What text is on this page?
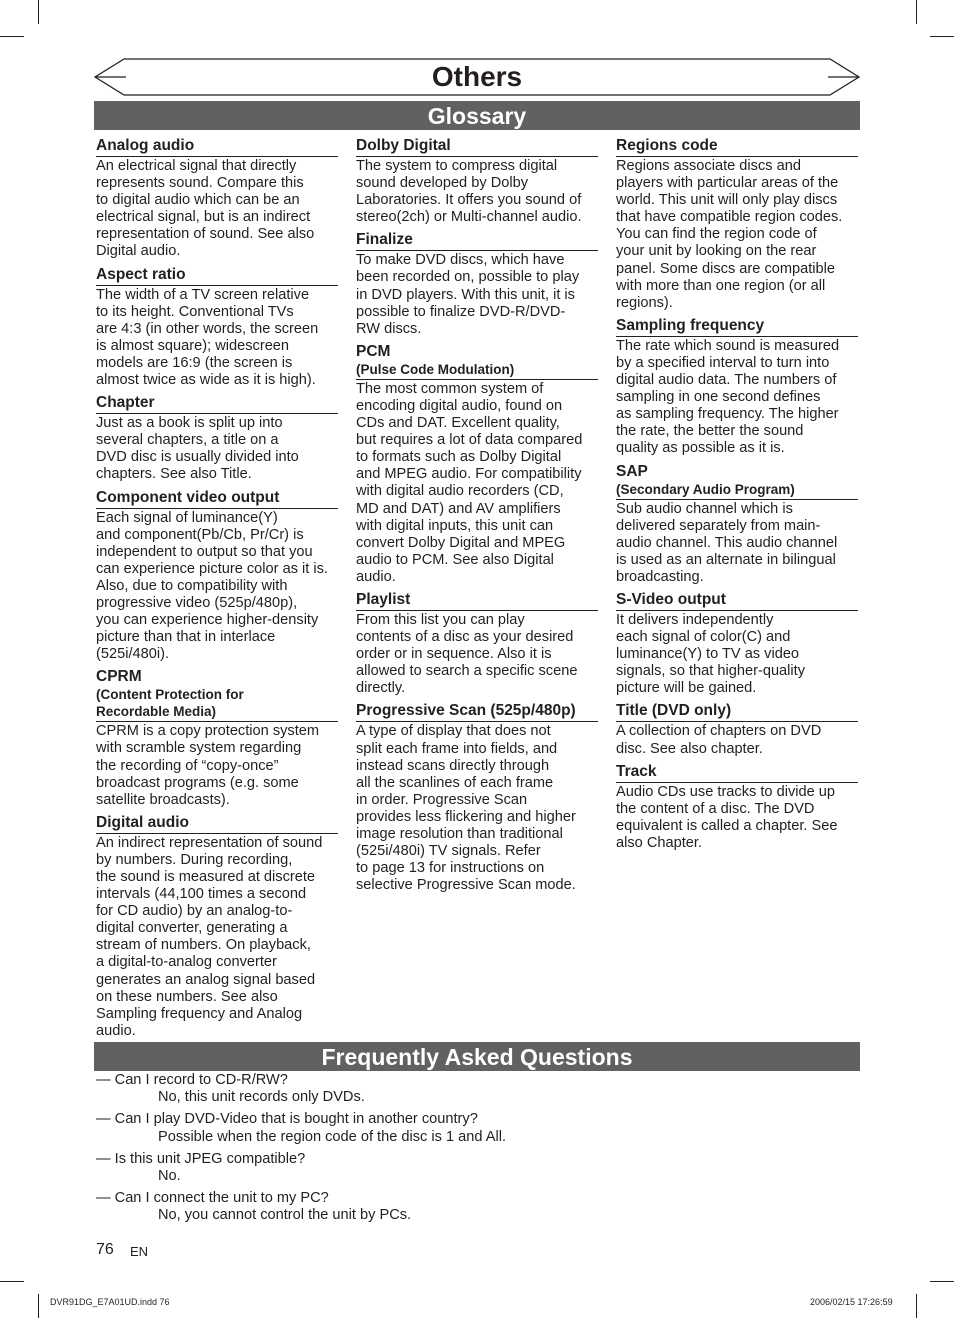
Others
Glossary
Analog audio
An electrical signal that directly
represents sound. Compare this
to digital audio which can be an
electrical signal, but is an indirect
representation of sound. See also
Digital audio.
Aspect ratio
The width of a TV screen relative
to its height. Conventional TVs
are 4:3 (in other words, the screen
is almost square); widescreen
models are 16:9 (the screen is
almost twice as wide as it is high).
Chapter
Just as a book is split up into
several chapters, a title on a
DVD disc is usually divided into
chapters. See also Title.
Component video output
Each signal of luminance(Y)
and component(Pb/Cb, Pr/Cr) is
independent to output so that you
can experience picture color as it is.
Also, due to compatibility with
progressive video (525p/480p),
you can experience higher-density
picture than that in interlace
(525i/480i).
CPRM
(Content Protection for
Recordable Media)
CPRM is a copy protection system
with scramble system regarding
the recording of “copy-once”
broadcast programs (e.g. some
satellite broadcasts).
Digital audio
An indirect representation of sound
by numbers. During recording,
the sound is measured at discrete
intervals (44,100 times a second
for CD audio) by an analog-to-
digital converter, generating a
stream of numbers. On playback,
a digital-to-analog converter
generates an analog signal based
on these numbers. See also
Sampling frequency and Analog
audio.
Dolby Digital
The system to compress digital
sound developed by Dolby
Laboratories. It offers you sound of
stereo(2ch) or Multi-channel audio.
Finalize
To make DVD discs, which have
been recorded on, possible to play
in DVD players. With this unit, it is
possible to finalize DVD-R/DVD-
RW discs.
PCM
(Pulse Code Modulation)
The most common system of
encoding digital audio, found on
CDs and DAT. Excellent quality,
but requires a lot of data compared
to formats such as Dolby Digital
and MPEG audio. For compatibility
with digital audio recorders (CD,
MD and DAT) and AV amplifiers
with digital inputs, this unit can
convert Dolby Digital and MPEG
audio to PCM. See also Digital
audio.
Playlist
From this list you can play
contents of a disc as your desired
order or in sequence. Also it is
allowed to search a specific scene
directly.
Progressive Scan (525p/480p)
A type of display that does not
split each frame into fields, and
instead scans directly through
all the scanlines of each frame
in order. Progressive Scan
provides less flickering and higher
image resolution than traditional
(525i/480i) TV signals. Refer
to page 13 for instructions on
selective Progressive Scan mode.
Regions code
Regions associate discs and
players with particular areas of the
world. This unit will only play discs
that have compatible region codes.
You can find the region code of
your unit by looking on the rear
panel. Some discs are compatible
with more than one region (or all
regions).
Sampling frequency
The rate which sound is measured
by a specified interval to turn into
digital audio data. The numbers of
sampling in one second defines
as sampling frequency. The higher
the rate, the better the sound
quality as possible as it is.
SAP
(Secondary Audio Program)
Sub audio channel which is
delivered separately from main-
audio channel. This audio channel
is used as an alternate in bilingual
broadcasting.
S-Video output
It delivers independently
each signal of color(C) and
luminance(Y) to TV as video
signals, so that higher-quality
picture will be gained.
Title (DVD only)
A collection of chapters on DVD
disc. See also chapter.
Track
Audio CDs use tracks to divide up
the content of a disc. The DVD
equivalent is called a chapter. See
also Chapter.
Frequently Asked Questions
— Can I record to CD-R/RW?
No, this unit records only DVDs.
— Can I play DVD-Video that is bought in another country?
Possible when the region code of the disc is 1 and All.
— Is this unit JPEG compatible?
No.
— Can I connect the unit to my PC?
No, you cannot control the unit by PCs.
76 EN
DVR91DG_E7A01UD.indd 76	2006/02/15 17:26:59
